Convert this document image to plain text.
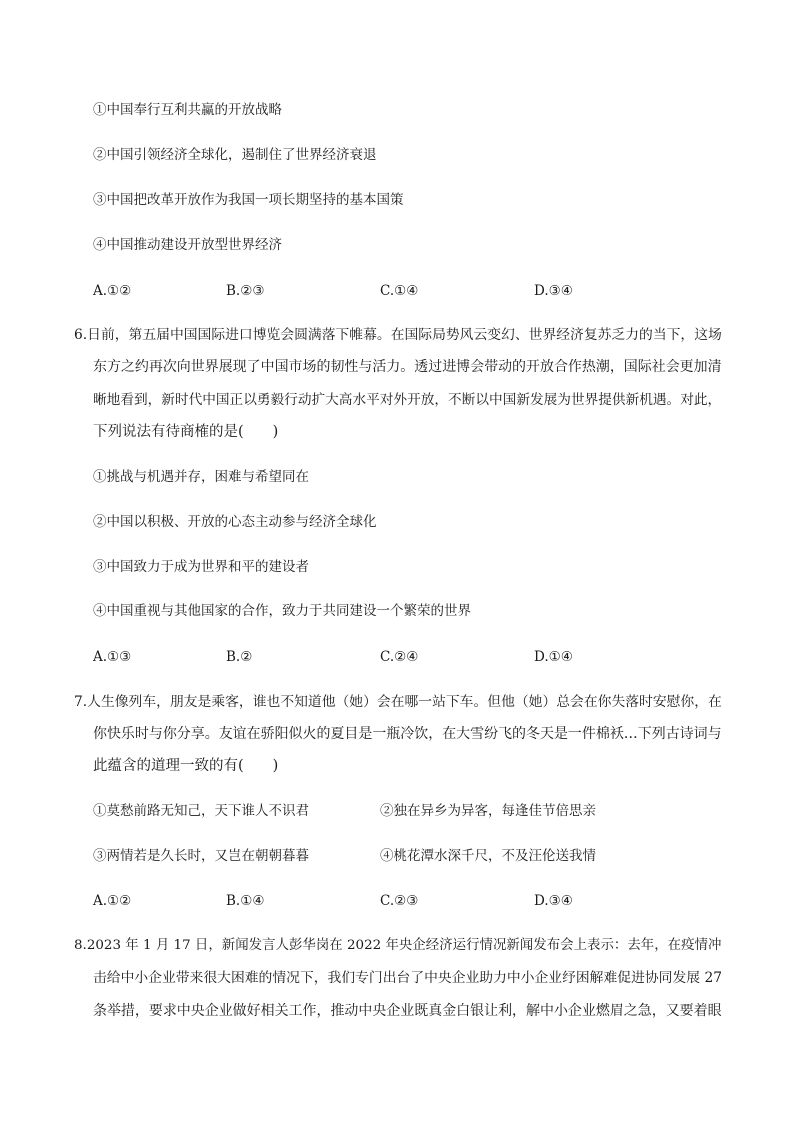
①中国奉行互利共赢的开放战略
②中国引领经济全球化，遏制住了世界经济衰退
③中国把改革开放作为我国一项长期坚持的基本国策
④中国推动建设开放型世界经济
A.①②	B.②③	C.①④	D.③④
6.日前，第五届中国国际进口博览会圆满落下帷幕。在国际局势风云变幻、世界经济复苏乏力的当下，这场
东方之约再次向世界展现了中国市场的韧性与活力。透过进博会带动的开放合作热潮，国际社会更加清
晰地看到，新时代中国正以勇毅行动扩大高水平对外开放，不断以中国新发展为世界提供新机遇。对此，
下列说法有待商榷的是(　　)
①挑战与机遇并存，困难与希望同在
②中国以积极、开放的心态主动参与经济全球化
③中国致力于成为世界和平的建设者
④中国重视与其他国家的合作，致力于共同建设一个繁荣的世界
A.①③	B.②	C.②④	D.①④
7.人生像列车，朋友是乘客，谁也不知道他（她）会在哪一站下车。但他（她）总会在你失落时安慰你，在
你快乐时与你分享。友谊在骄阳似火的夏目是一瓶冷饮，在大雪纷飞的冬天是一件棉袄…下列古诗词与
此蕴含的道理一致的有(　　)
①莫愁前路无知己，天下谁人不识君	②独在异乡为异客，每逢佳节倍思亲
③两情若是久长时，又岂在朝朝暮暮	④桃花潭水深千尺，不及汪伦送我情
A.①②	B.①④	C.②③	D.③④
8.2023 年 1 月 17 日，新闻发言人彭华岗在 2022 年央企经济运行情况新闻发布会上表示：去年，在疫情冲
击给中小企业带来很大困难的情况下，我们专门出台了中央企业助力中小企业纾困解难促进协同发展 27
条举措，要求中央企业做好相关工作，推动中央企业既真金白银让利，解中小企业燃眉之急，又要着眼
